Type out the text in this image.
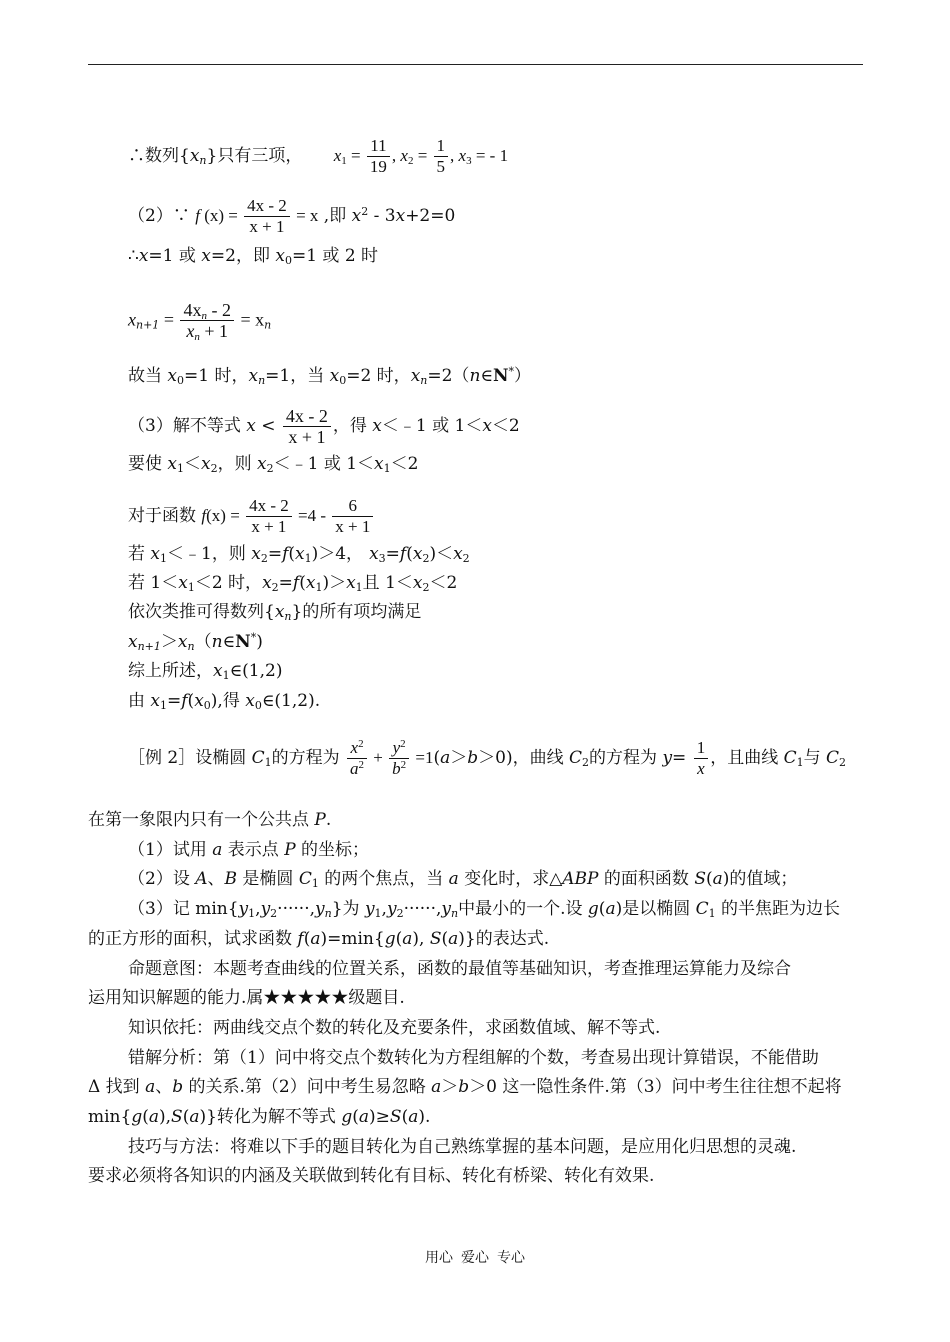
∴数列$\{x_n\}$只有三项， $x_1 = \frac{11}{19}$ , $x_2 = \frac{1}{5}$ , $x_3$ = - 1
（2）∵ f $(x) = \frac{4x - 2}{x + 1} = x$ ,即 $x^2 - 3x+2=0$
∴x=1 或 x=2，即 $x_0=1$ 或 2 时
$x_{n+1} = \frac{4x_n - 2}{x_n + 1} = x_n$
故当 $x_0=1$ 时，$x_n=1$，当 $x_0=2$ 时，$x_n=2(n\in N^*)$
（3）解不等式 $x < \frac{4x - 2}{x + 1}$ ，得 x＜﹣1 或 1＜x＜2
要使 $x_1<x_2$，则 $x_2<﹣1$ 或 $1<x_1<2$
对于函数 $f(x) = \frac{4x - 2}{x + 1} =4 - \frac{6}{x + 1}$
若 $x_1<﹣1$，则 $x_2=f(x_1)>4$， $x_3=f(x_2)<x_2$
若 $1<x_1<2$ 时，$x_2=f(x_1)>x_1$且 $1<x_2<2$
依次类推可得数列$\{x_n\}$的所有项均满足
$x_{n+1}>x_n(n\in N^*)$
综上所述，$x_1\in(1,2)$
由 $x_1=f(x_0)$,得 $x_0\in(1,2)$.
［例 2］设椭圆 $C_1$的方程为 $\frac{x^2}{a^2} + \frac{y^2}{b^2} =1(a>b>0)$，曲线 $C_2$的方程为 $y= \frac{1}{x}$ ，且曲线 $C_1$与 $C_2$
在第一象限内只有一个公共点 P.
（1）试用 a 表示点 P 的坐标；
（2）设 A、B 是椭圆 $C_1$ 的两个焦点，当 a 变化时，求△ABP 的面积函数 S(a)的值域；
（3）记 $\min\{y_1,y_2\cdot\cdot\cdot\cdot\cdot\cdot,y_n\}$为 $y_1,y_2\cdot\cdot\cdot\cdot\cdot\cdot,y_n$中最小的一个.设 g(a)是以椭圆 $C_1$ 的半焦距为边长
的正方形的面积，试求函数 f(a)=min{g(a), S(a)}的表达式.
命题意图：本题考查曲线的位置关系，函数的最值等基础知识，考查推理运算能力及综合
运用知识解题的能力.属★★★★★级题目.
知识依托：两曲线交点个数的转化及充要条件，求函数值域、解不等式.
错解分析：第（1）问中将交点个数转化为方程组解的个数，考查易出现计算错误，不能借助
Δ 找到 a、b 的关系.第（2）问中考生易忽略 a＞b＞0 这一隐性条件.第（3）问中考生往往想不起将
min{g(a),S(a)}转化为解不等式 g(a)≥S(a).
技巧与方法：将难以下手的题目转化为自己熟练掌握的基本问题，是应用化归思想的灵魂.
要求必须将各知识的内涵及关联做到转化有目标、转化有桥梁、转化有效果.
用心 爱心 专心
